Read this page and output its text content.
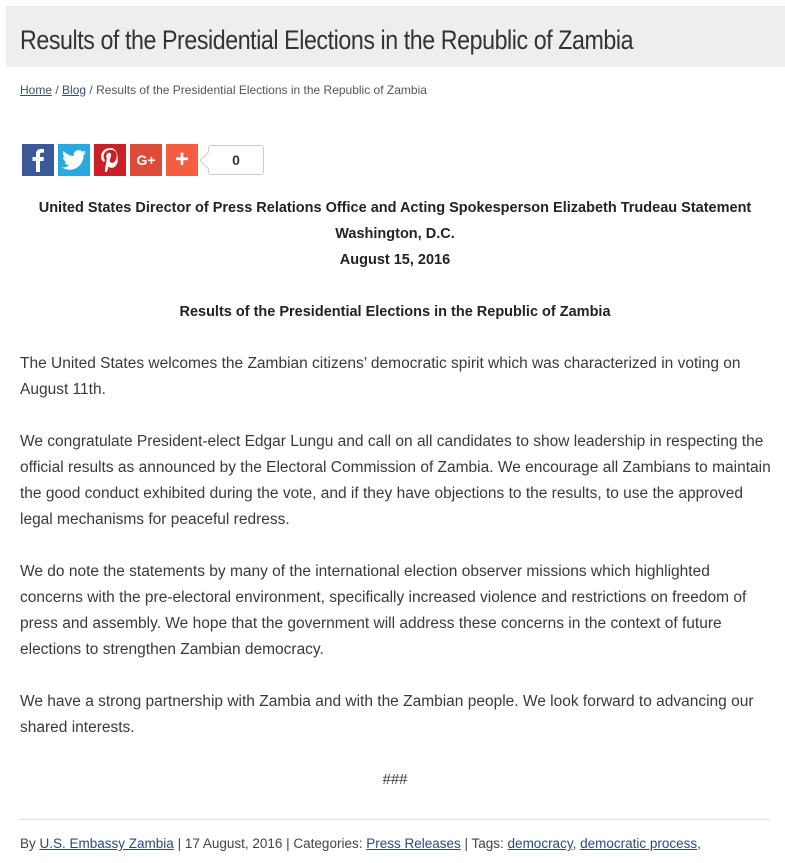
Results of the Presidential Elections in the Republic of Zambia
Home / Blog / Results of the Presidential Elections in the Republic of Zambia
G+ +	0
United States Director of Press Relations Office and Acting Spokesperson Elizabeth Trudeau Statement
Washington, D.C.
August 15, 2016
Results of the Presidential Elections in the Republic of Zambia

The United States welcomes the Zambian citizens’ democratic spirit which was characterized in voting on August 11th.

We congratulate President-elect Edgar Lungu and call on all candidates to show leadership in respecting the official results as announced by the Electoral Commission of Zambia. We encourage all Zambians to maintain the good conduct exhibited during the vote, and if they have objections to the results, to use the approved legal mechanisms for peaceful redress.

We do note the statements by many of the international election observer missions which highlighted concerns with the pre-electoral environment, specifically increased violence and restrictions on freedom of press and assembly. We hope that the government will address these concerns in the context of future elections to strengthen Zambian democracy.

We have a strong partnership with Zambia and with the Zambian people. We look forward to advancing our shared interests.

###
By U.S. Embassy Zambia | 17 August, 2016 | Categories: Press Releases | Tags: democracy, democratic process,
